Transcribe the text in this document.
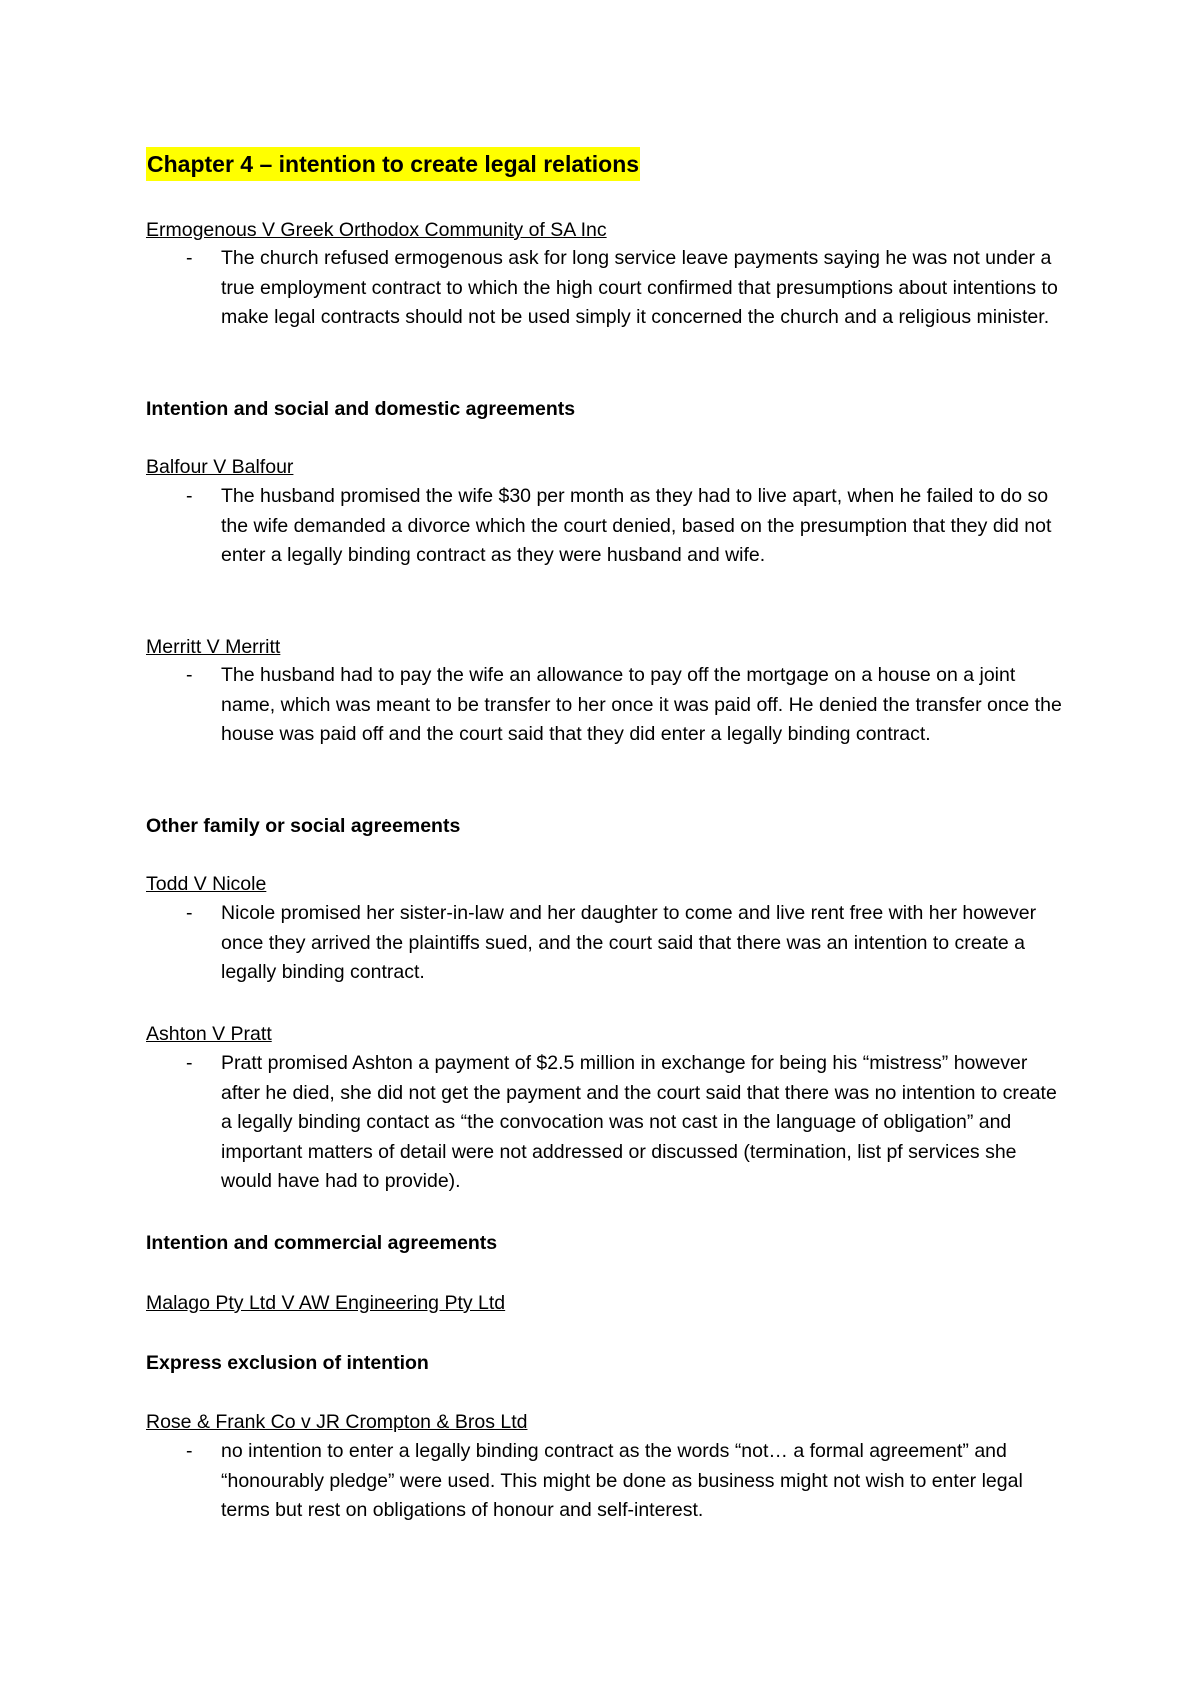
Chapter 4 – intention to create legal relations
Ermogenous V Greek Orthodox Community of SA Inc
- The church refused ermogenous ask for long service leave payments saying he was not under a true employment contract to which the high court confirmed that presumptions about intentions to make legal contracts should not be used simply it concerned the church and a religious minister.
Intention and social and domestic agreements
Balfour V Balfour
- The husband promised the wife $30 per month as they had to live apart, when he failed to do so the wife demanded a divorce which the court denied, based on the presumption that they did not enter a legally binding contract as they were husband and wife.
Merritt V Merritt
- The husband had to pay the wife an allowance to pay off the mortgage on a house on a joint name, which was meant to be transfer to her once it was paid off. He denied the transfer once the house was paid off and the court said that they did enter a legally binding contract.
Other family or social agreements
Todd V Nicole
- Nicole promised her sister-in-law and her daughter to come and live rent free with her however once they arrived the plaintiffs sued, and the court said that there was an intention to create a legally binding contract.
Ashton V Pratt
- Pratt promised Ashton a payment of $2.5 million in exchange for being his “mistress” however after he died, she did not get the payment and the court said that there was no intention to create a legally binding contact as “the convocation was not cast in the language of obligation” and important matters of detail were not addressed or discussed (termination, list pf services she would have had to provide).
Intention and commercial agreements
Malago Pty Ltd V AW Engineering Pty Ltd
Express exclusion of intention
Rose & Frank Co v JR Crompton & Bros Ltd
- no intention to enter a legally binding contract as the words “not… a formal agreement” and “honourably pledge” were used. This might be done as business might not wish to enter legal terms but rest on obligations of honour and self-interest.
